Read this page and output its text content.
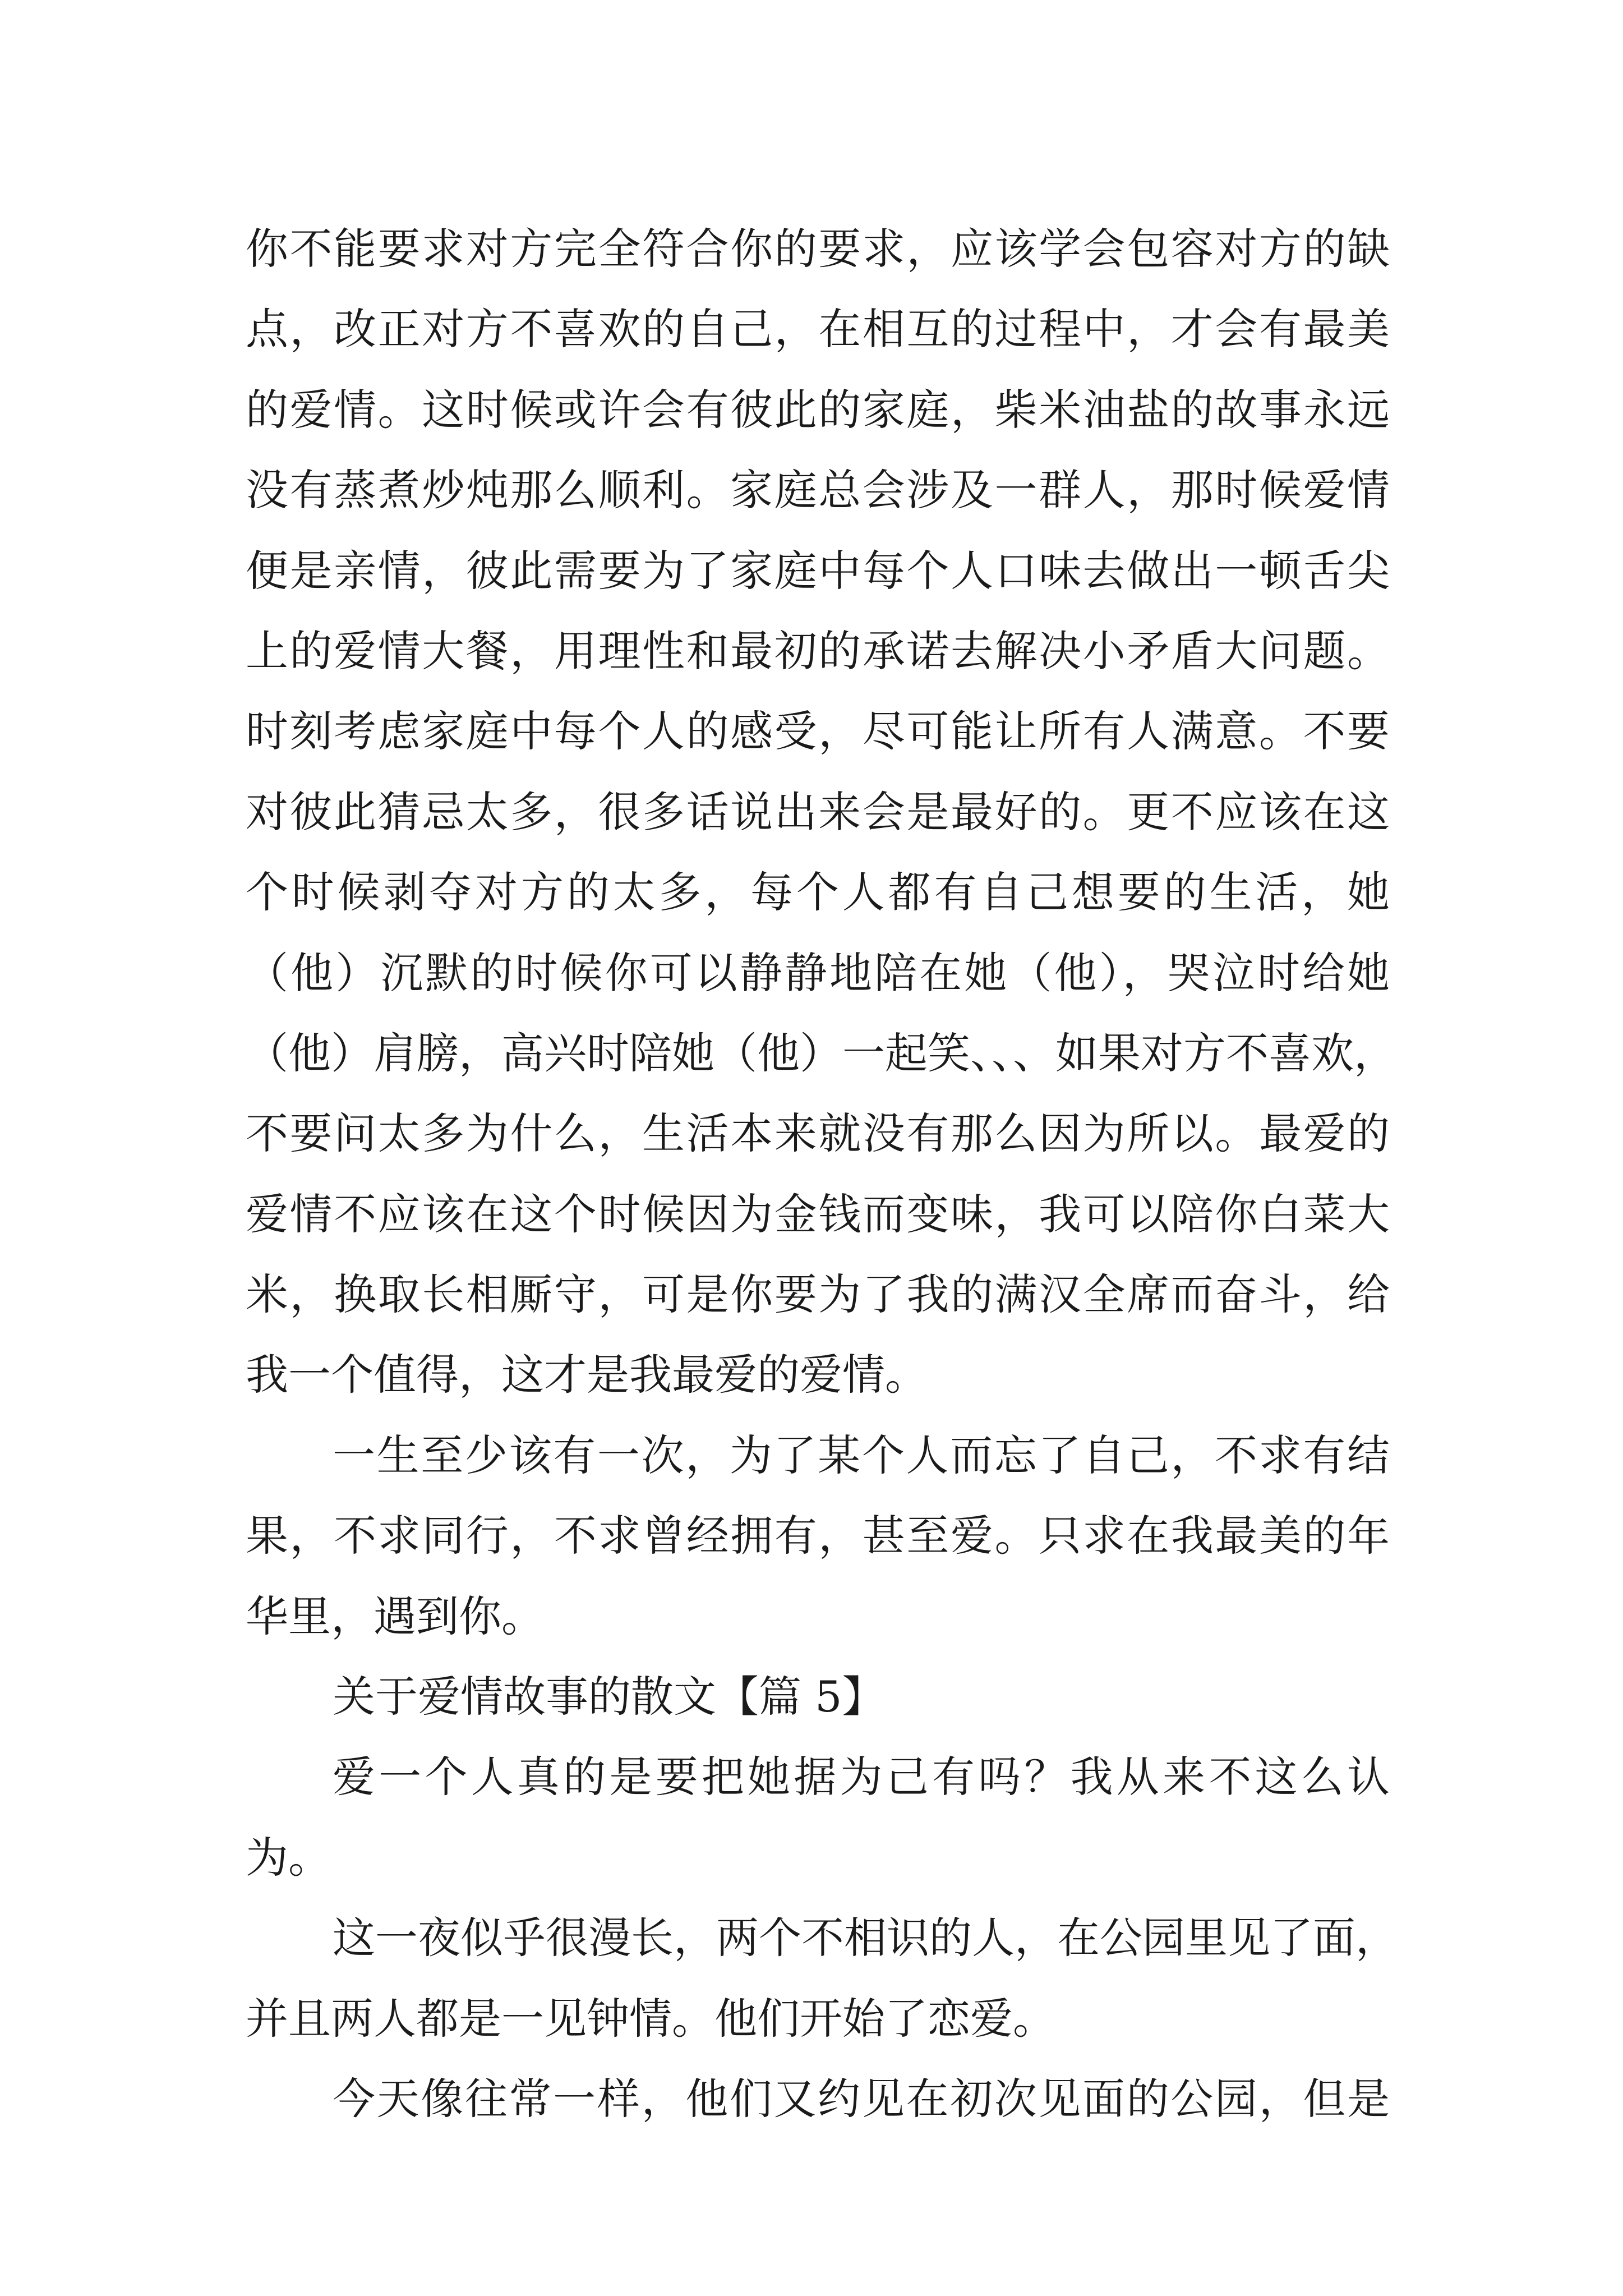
你不能要求对方完全符合你的要求，应该学会包容对方的缺
点，改正对方不喜欢的自己，在相互的过程中，才会有最美
的爱情。这时候或许会有彼此的家庭，柴米油盐的故事永远
没有蒸煮炒炖那么顺利。家庭总会涉及一群人，那时候爱情
便是亲情，彼此需要为了家庭中每个人口味去做出一顿舌尖
上的爱情大餐，用理性和最初的承诺去解决小矛盾大问题。
时刻考虑家庭中每个人的感受，尽可能让所有人满意。不要
对彼此猜忌太多，很多话说出来会是最好的。更不应该在这
个时候剥夺对方的太多，每个人都有自己想要的生活，她
（他）沉默的时候你可以静静地陪在她（他），哭泣时给她
（他）肩膀，高兴时陪她（他）一起笑、、、如果对方不喜欢，
不要问太多为什么，生活本来就没有那么因为所以。最爱的
爱情不应该在这个时候因为金钱而变味，我可以陪你白菜大
米，换取长相厮守，可是你要为了我的满汉全席而奋斗，给
我一个值得，这才是我最爱的爱情。
一生至少该有一次，为了某个人而忘了自己，不求有结
果，不求同行，不求曾经拥有，甚至爱。只求在我最美的年
华里，遇到你。
关于爱情故事的散文【篇 5】
爱一个人真的是要把她据为己有吗？我从来不这么认
为。
这一夜似乎很漫长，两个不相识的人，在公园里见了面，
并且两人都是一见钟情。他们开始了恋爱。
今天像往常一样，他们又约见在初次见面的公园，但是
